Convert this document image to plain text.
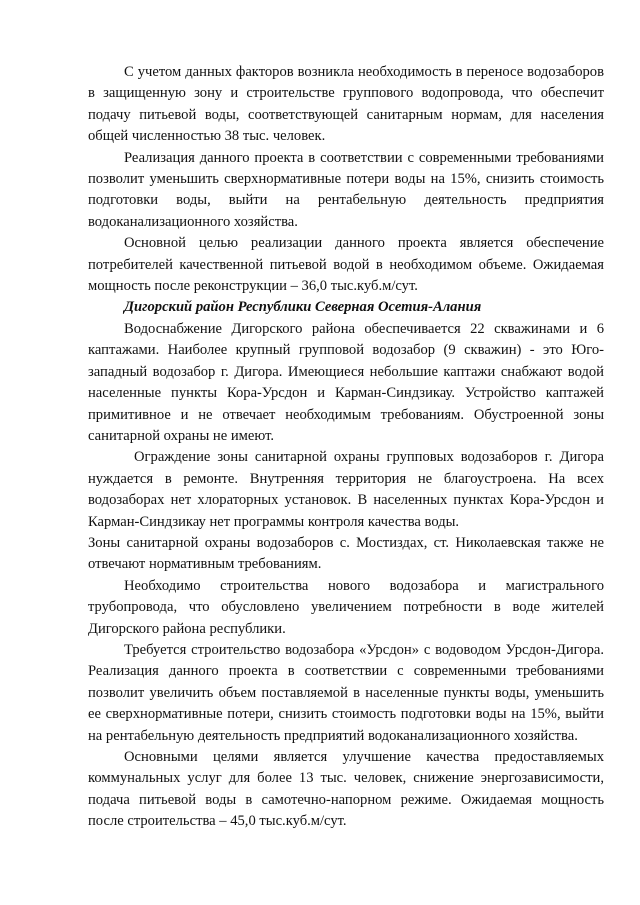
С учетом данных факторов возникла необходимость в переносе водозаборов в защищенную зону и строительстве группового водопровода, что обеспечит подачу питьевой воды, соответствующей санитарным нормам, для населения общей численностью 38 тыс. человек.

Реализация данного проекта в соответствии с современными требованиями позволит уменьшить сверхнормативные потери воды на 15%, снизить стоимость подготовки воды, выйти на рентабельную деятельность предприятия водоканализационного хозяйства.

Основной целью реализации данного проекта является обеспечение потребителей качественной питьевой водой в необходимом объеме. Ожидаемая мощность после реконструкции – 36,0 тыс.куб.м/сут.

Дигорский район Республики Северная Осетия-Алания

Водоснабжение Дигорского района обеспечивается 22 скважинами и 6 каптажами. Наиболее крупный групповой водозабор (9 скважин) - это Юго-западный водозабор г. Дигора. Имеющиеся небольшие каптажи снабжают водой населенные пункты Кора-Урсдон и Карман-Синдзикау. Устройство каптажей примитивное и не отвечает необходимым требованиям. Обустроенной зоны санитарной охраны не имеют.

Ограждение зоны санитарной охраны групповых водозаборов г. Дигора нуждается в ремонте. Внутренняя территория не благоустроена. На всех водозаборах нет хлораторных установок. В населенных пунктах Кора-Урсдон и Карман-Синдзикау нет программы контроля качества воды.

Зоны санитарной охраны водозаборов с. Мостиздах, ст. Николаевская также не отвечают нормативным требованиям.

Необходимо строительства нового водозабора и магистрального трубопровода, что обусловлено увеличением потребности в воде жителей Дигорского района республики.

Требуется строительство водозабора «Урсдон» с водоводом Урсдон-Дигора. Реализация данного проекта в соответствии с современными требованиями позволит увеличить объем поставляемой в населенные пункты воды, уменьшить ее сверхнормативные потери, снизить стоимость подготовки воды на 15%, выйти на рентабельную деятельность предприятий водоканализационного хозяйства.

Основными целями является улучшение качества предоставляемых коммунальных услуг для более 13 тыс. человек, снижение энергозависимости, подача питьевой воды в самотечно-напорном режиме. Ожидаемая мощность после строительства – 45,0 тыс.куб.м/сут.
